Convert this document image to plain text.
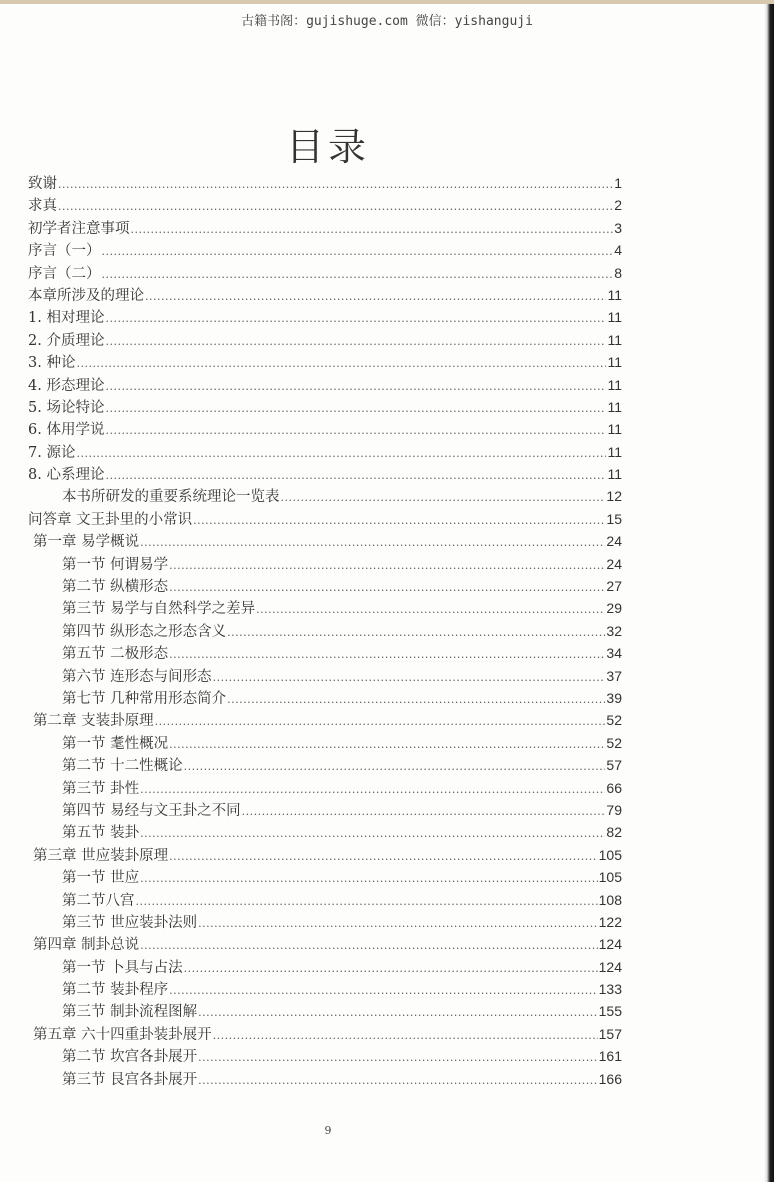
古籍书阁：gujishuge.com 微信：yishanguji
目录
致谢 .....	1
求真 .....	2
初学者注意事项 .....	3
序言（一） .....	4
序言（二） .....	8
本章所涉及的理论 .....	11
1. 相对理论 .....	11
2. 介质理论 .....	11
3. 种论 .....	11
4. 形态理论 .....	11
5. 场论特论 .....	11
6. 体用学说 .....	11
7. 源论 .....	11
8. 心系理论 .....	11
本书所研发的重要系统理论一览表 .....	12
问答章 文王卦里的小常识 .....	15
第一章 易学概说 .....	24
第一节 何谓易学 .....	24
第二节 纵横形态 .....	27
第三节 易学与自然科学之差异 .....	29
第四节 纵形态之形态含义 .....	32
第五节 二极形态 .....	34
第六节 连形态与间形态 .....	37
第七节 几种常用形态简介 .....	39
第二章 支装卦原理 .....	52
第一节 耄性概况 .....	52
第二节 十二性概论 .....	57
第三节 卦性 .....	66
第四节 易经与文王卦之不同 .....	79
第五节 装卦 .....	82
第三章 世应装卦原理 .....	105
第一节 世应 .....	105
第二节八宫 .....	108
第三节 世应装卦法则 .....	122
第四章 制卦总说 .....	124
第一节 卜具与占法 .....	124
第二节 装卦程序 .....	133
第三节 制卦流程图解 .....	155
第五章 六十四重卦装卦展开 .....	157
第二节 坎宫各卦展开 .....	161
第三节 艮宫各卦展开 .....	166
9
